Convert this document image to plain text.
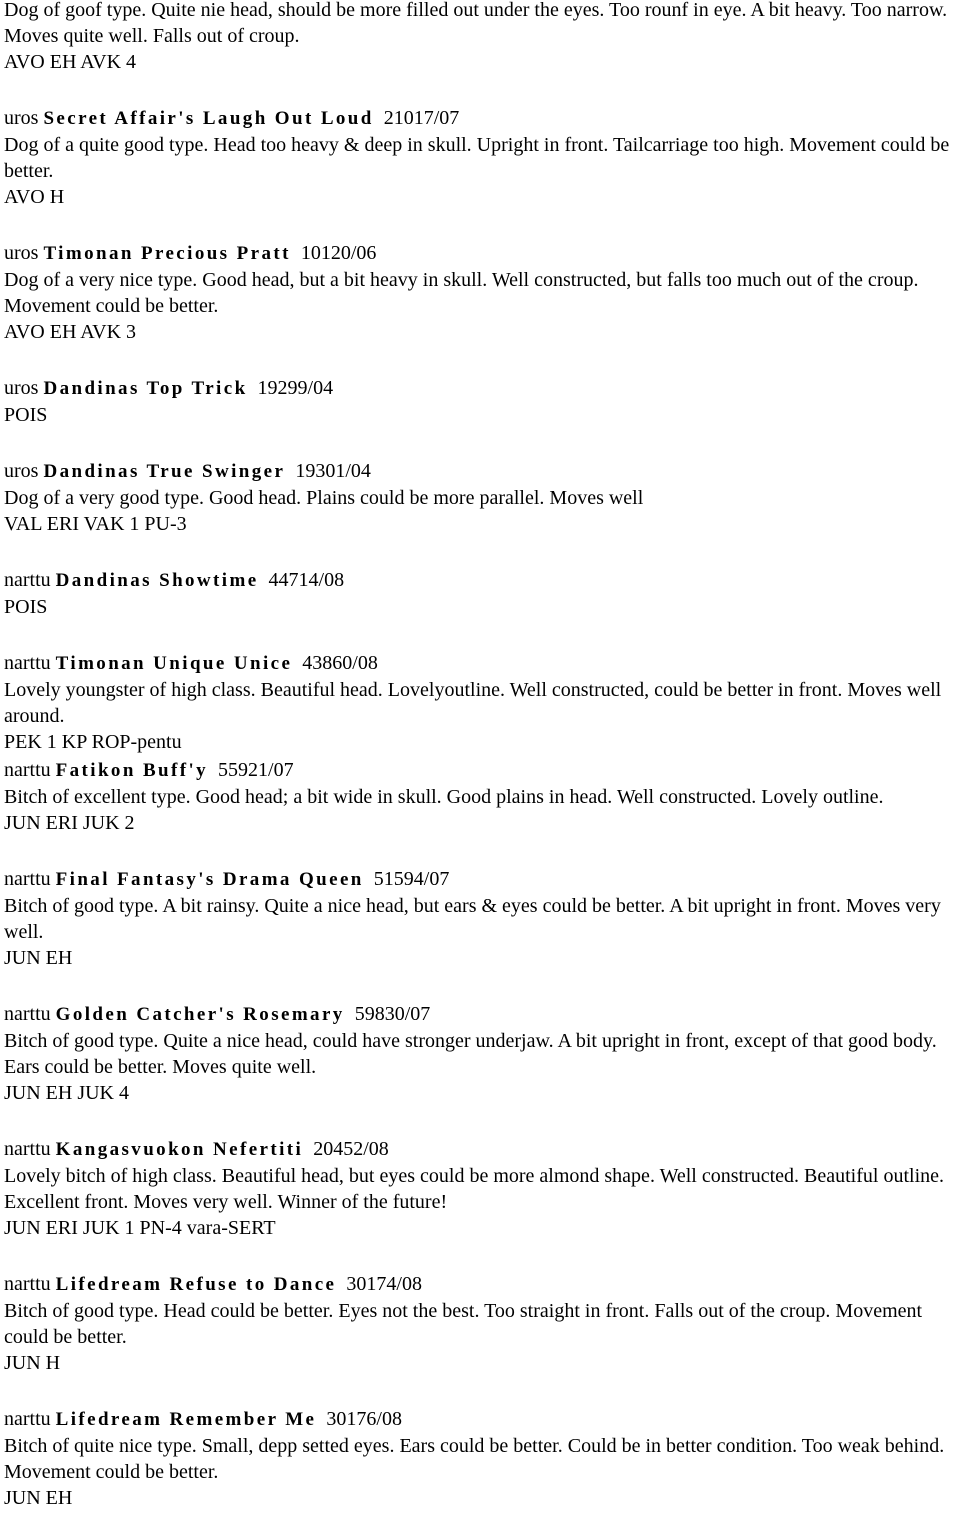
Dog of goof type. Quite nie head, should be more filled out under the eyes. Too rounf in eye. A bit heavy. Too narrow. Moves quite well. Falls out of croup.
AVO EH AVK 4
uros Secret Affair's Laugh Out Loud 21017/07
Dog of a quite good type. Head too heavy & deep in skull. Upright in front. Tailcarriage too high. Movement could be better.
AVO H
uros Timonan Precious Pratt 10120/06
Dog of a very nice type. Good head, but a bit heavy in skull. Well constructed, but falls too much out of the croup. Movement could be better.
AVO EH AVK 3
uros Dandinas Top Trick 19299/04
POIS
uros Dandinas True Swinger 19301/04
Dog of a very good type. Good head. Plains could be more parallel. Moves well
VAL ERI VAK 1 PU-3
narttu Dandinas Showtime 44714/08
POIS
narttu Timonan Unique Unice 43860/08
Lovely youngster of high class. Beautiful head. Lovelyoutline. Well constructed, could be better in front. Moves well around.
PEK 1 KP ROP-pentu
narttu Fatikon Buff'y 55921/07
Bitch of excellent type. Good head; a bit wide in skull. Good plains in head. Well constructed. Lovely outline.
JUN ERI JUK 2
narttu Final Fantasy's Drama Queen 51594/07
Bitch of good type. A bit rainsy. Quite a nice head, but ears & eyes could be better. A bit upright in front. Moves very well.
JUN EH
narttu Golden Catcher's Rosemary 59830/07
Bitch of good type. Quite a nice head, could have stronger underjaw. A bit upright in front, except of that good body. Ears could be better. Moves quite well.
JUN EH JUK 4
narttu Kangasvuokon Nefertiti 20452/08
Lovely bitch of high class. Beautiful head, but eyes could be more almond shape. Well constructed. Beautiful outline. Excellent front. Moves very well. Winner of the future!
JUN ERI JUK 1 PN-4 vara-SERT
narttu Lifedream Refuse to Dance 30174/08
Bitch of good type. Head could be better. Eyes not the best. Too straight in front. Falls out of the croup. Movement could be better.
JUN H
narttu Lifedream Remember Me 30176/08
Bitch of quite nice type. Small, depp setted eyes. Ears could be better. Could be in better condition. Too weak behind. Movement could be better.
JUN EH
